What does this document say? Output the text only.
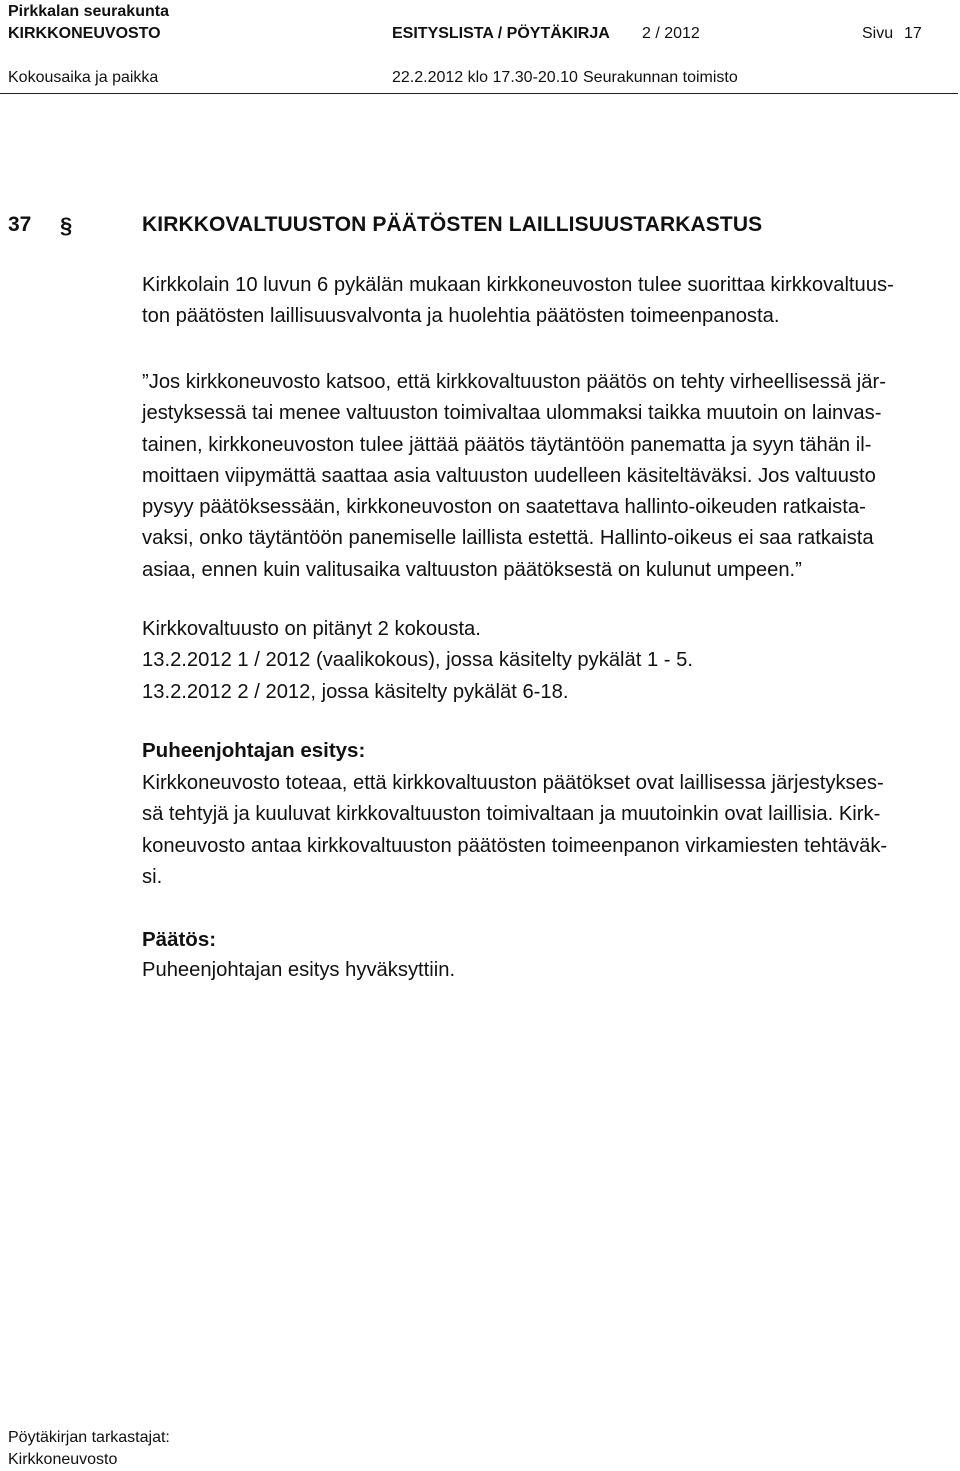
Pirkkalan seurakunta
KIRKKONEUVOSTO	ESITYSLISTA / PÖYTÄKIRJA 2 / 2012	Sivu 17
Kokousaika ja paikka	22.2.2012 klo 17.30-20.10 Seurakunnan toimisto
37 §	KIRKKOVALTUUSTON PÄÄTÖSTEN LAILLISUUSTARKASTUS
Kirkkolain 10 luvun 6 pykälän mukaan kirkkoneuvoston tulee suorittaa kirkkovaltuus-
ton päätösten laillisuusvalvonta ja huolehtia päätösten toimeenpanosta.
”Jos kirkkoneuvosto katsoo, että kirkkovaltuuston päätös on tehty virheellisessä jär-
jestyksessä tai menee valtuuston toimivaltaa ulommaksi taikka muutoin on lainvas-
tainen, kirkkoneuvoston tulee jättää päätös täytäntöön panematta ja syyn tähän il-
moittaen viipymättä saattaa asia valtuuston uudelleen käsiteltäväksi. Jos valtuusto
pysyy päätöksessään, kirkkoneuvoston on saatettava hallinto-oikeuden ratkaista-
vaksi, onko täytäntöön panemiselle laillista estettä. Hallinto-oikeus ei saa ratkaista
asiaa, ennen kuin valitusaika valtuuston päätöksestä on kulunut umpeen.”
Kirkkovaltuusto on pitänyt 2 kokousta.
13.2.2012 1 / 2012 (vaalikokous), jossa käsitelty pykälät 1 - 5.
13.2.2012 2 / 2012, jossa käsitelty pykälät 6-18.
Puheenjohtajan esitys:
Kirkkoneuvosto toteaa, että kirkkovaltuuston päätökset ovat laillisessa järjestykses-
sä tehtyjä ja kuuluvat kirkkovaltuuston toimivaltaan ja muutoinkin ovat laillisia. Kirk-
koneuvosto antaa kirkkovaltuuston päätösten toimeenpanon virkamiesten tehtäväk-
si.
Päätös:
Puheenjohtajan esitys hyväksyttiin.
Pöytäkirjan tarkastajat:
Kirkkoneuvosto
